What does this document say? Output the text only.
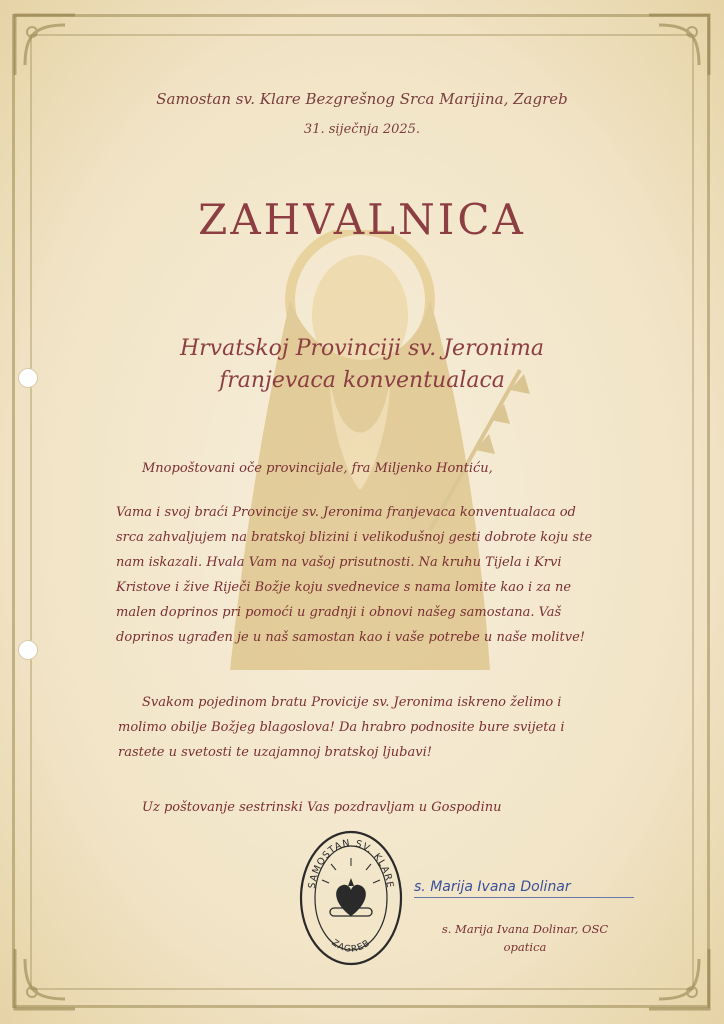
Samostan sv. Klare Bezgrešnog Srca Marijina, Zagreb
31. siječnja 2025.
ZAHVALNICA
Hrvatskoj Provinciji sv. Jeronima
franjevaca konventualaca
Mnopoštovani oče provincijale, fra Miljenko Hontiću,
Vama i svoj braći Provincije sv. Jeronima franjevaca konventualaca od
srca zahvaljujem na bratskoj blizini i velikodušnoj gesti dobrote koju ste
nam iskazali. Hvala Vam na vašoj prisutnosti. Na kruhu Tijela i Krvi
Kristove i žive Riječi Božje koju svednevice s nama lomite kao i za ne
malen doprinos pri pomoći u gradnji i obnovi našeg samostana. Vaš
doprinos ugrađen je u naš samostan kao i vaše potrebe u naše molitve!
Svakom pojedinom bratu Provicije sv. Jeronima iskreno želimo i
molimo obilje Božjeg blagoslova! Da hrabro podnosite bure svijeta i
rastete u svetosti te uzajamnoj bratskoj ljubavi!
Uz poštovanje sestrinski Vas pozdravljam u Gospodinu
SAMOSTAN SV. KLARE
ZAGREB
s. Marija Ivana Dolinar
s. Marija Ivana Dolinar, OSC
opatica
